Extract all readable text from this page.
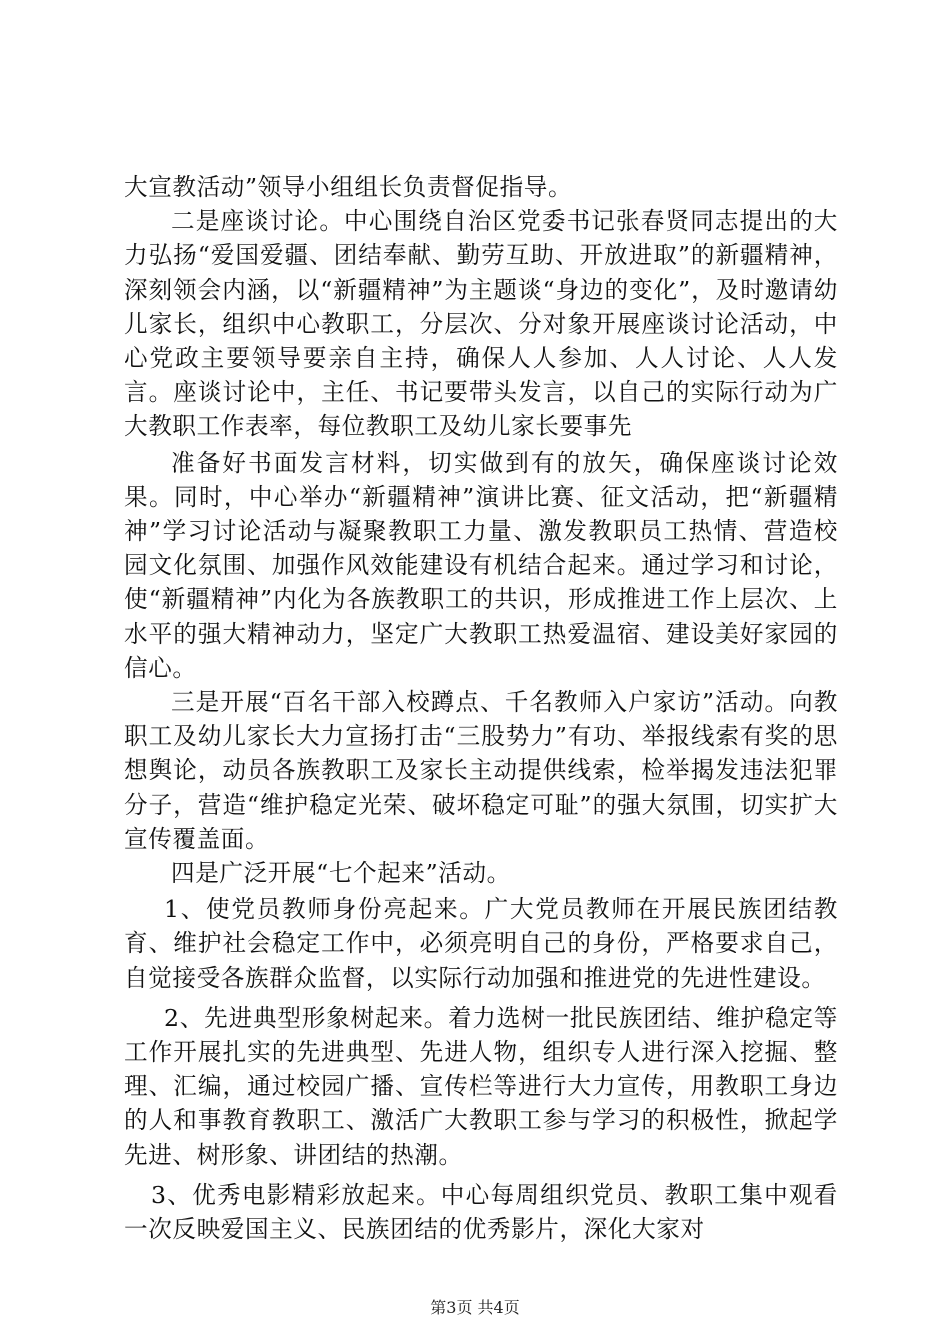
大宣教活动”领导小组组长负责督促指导。

二是座谈讨论。中心围绕自治区党委书记张春贤同志提出的大力弘扬“爱国爱疆、团结奉献、勤劳互助、开放进取”的新疆精神，深刻领会内涵，以“新疆精神”为主题谈“身边的变化”，及时邀请幼儿家长，组织中心教职工，分层次、分对象开展座谈讨论活动，中心党政主要领导要亲自主持，确保人人参加、人人讨论、人人发言。座谈讨论中，主任、书记要带头发言，以自己的实际行动为广大教职工作表率，每位教职工及幼儿家长要事先

准备好书面发言材料，切实做到有的放矢，确保座谈讨论效果。同时，中心举办“新疆精神”演讲比赛、征文活动，把“新疆精神”学习讨论活动与凝聚教职工力量、激发教职员工热情、营造校园文化氛围、加强作风效能建设有机结合起来。通过学习和讨论，使“新疆精神”内化为各族教职工的共识，形成推进工作上层次、上水平的强大精神动力，坚定广大教职工热爱温宿、建设美好家园的信心。

三是开展“百名干部入校蹲点、千名教师入户家访”活动。向教职工及幼儿家长大力宣扬打击“三股势力”有功、举报线索有奖的思想舆论，动员各族教职工及家长主动提供线索，检举揭发违法犯罪分子，营造“维护稳定光荣、破坏稳定可耻”的强大氛围，切实扩大宣传覆盖面。

四是广泛开展“七个起来”活动。

1、使党员教师身份亮起来。广大党员教师在开展民族团结教育、维护社会稳定工作中，必须亮明自己的身份，严格要求自己，自觉接受各族群众监督，以实际行动加强和推进党的先进性建设。

2、先进典型形象树起来。着力选树一批民族团结、维护稳定等工作开展扎实的先进典型、先进人物，组织专人进行深入挖掘、整理、汇编，通过校园广播、宣传栏等进行大力宣传，用教职工身边的人和事教育教职工、激活广大教职工参与学习的积极性，掀起学先进、树形象、讲团结的热潮。

3、优秀电影精彩放起来。中心每周组织党员、教职工集中观看一次反映爱国主义、民族团结的优秀影片，深化大家对

第3页 共4页
